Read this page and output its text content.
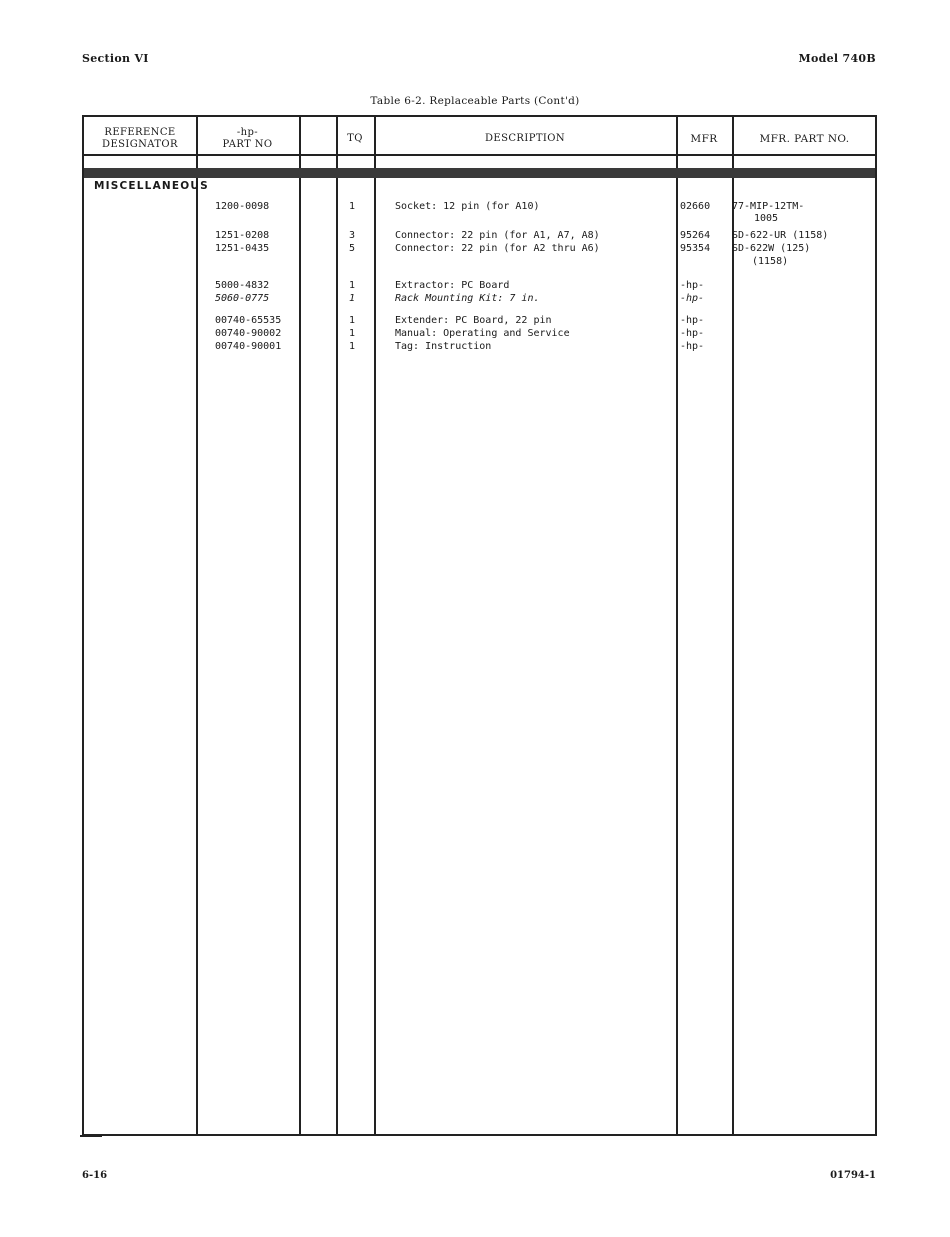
Section VI	Model 740B
Table 6-2. Replaceable Parts (Cont'd)
REFERENCE
DESIGNATOR
-hp-
PART NO
TQ	DESCRIPTION	MFR	MFR. PART NO.
MISCELLANEOUS
1200-0098	1	Socket: 12 pin (for A10)	02660	77-MIP-12TM-
1005
1251-0208	3	Connector: 22 pin (for A1, A7, A8)	95264	SD-622-UR (1158)
1251-0435	5	Connector: 22 pin (for A2 thru A6)	95354	SD-622W (125)
(1158)
5000-4832	1	Extractor: PC Board	-hp-
5060-0775	1	Rack Mounting Kit: 7 in.	-hp-
00740-65535	1	Extender: PC Board, 22 pin	-hp-
00740-90002	1	Manual: Operating and Service	-hp-
00740-90001	1	Tag: Instruction	-hp-
6-16	01794-1
